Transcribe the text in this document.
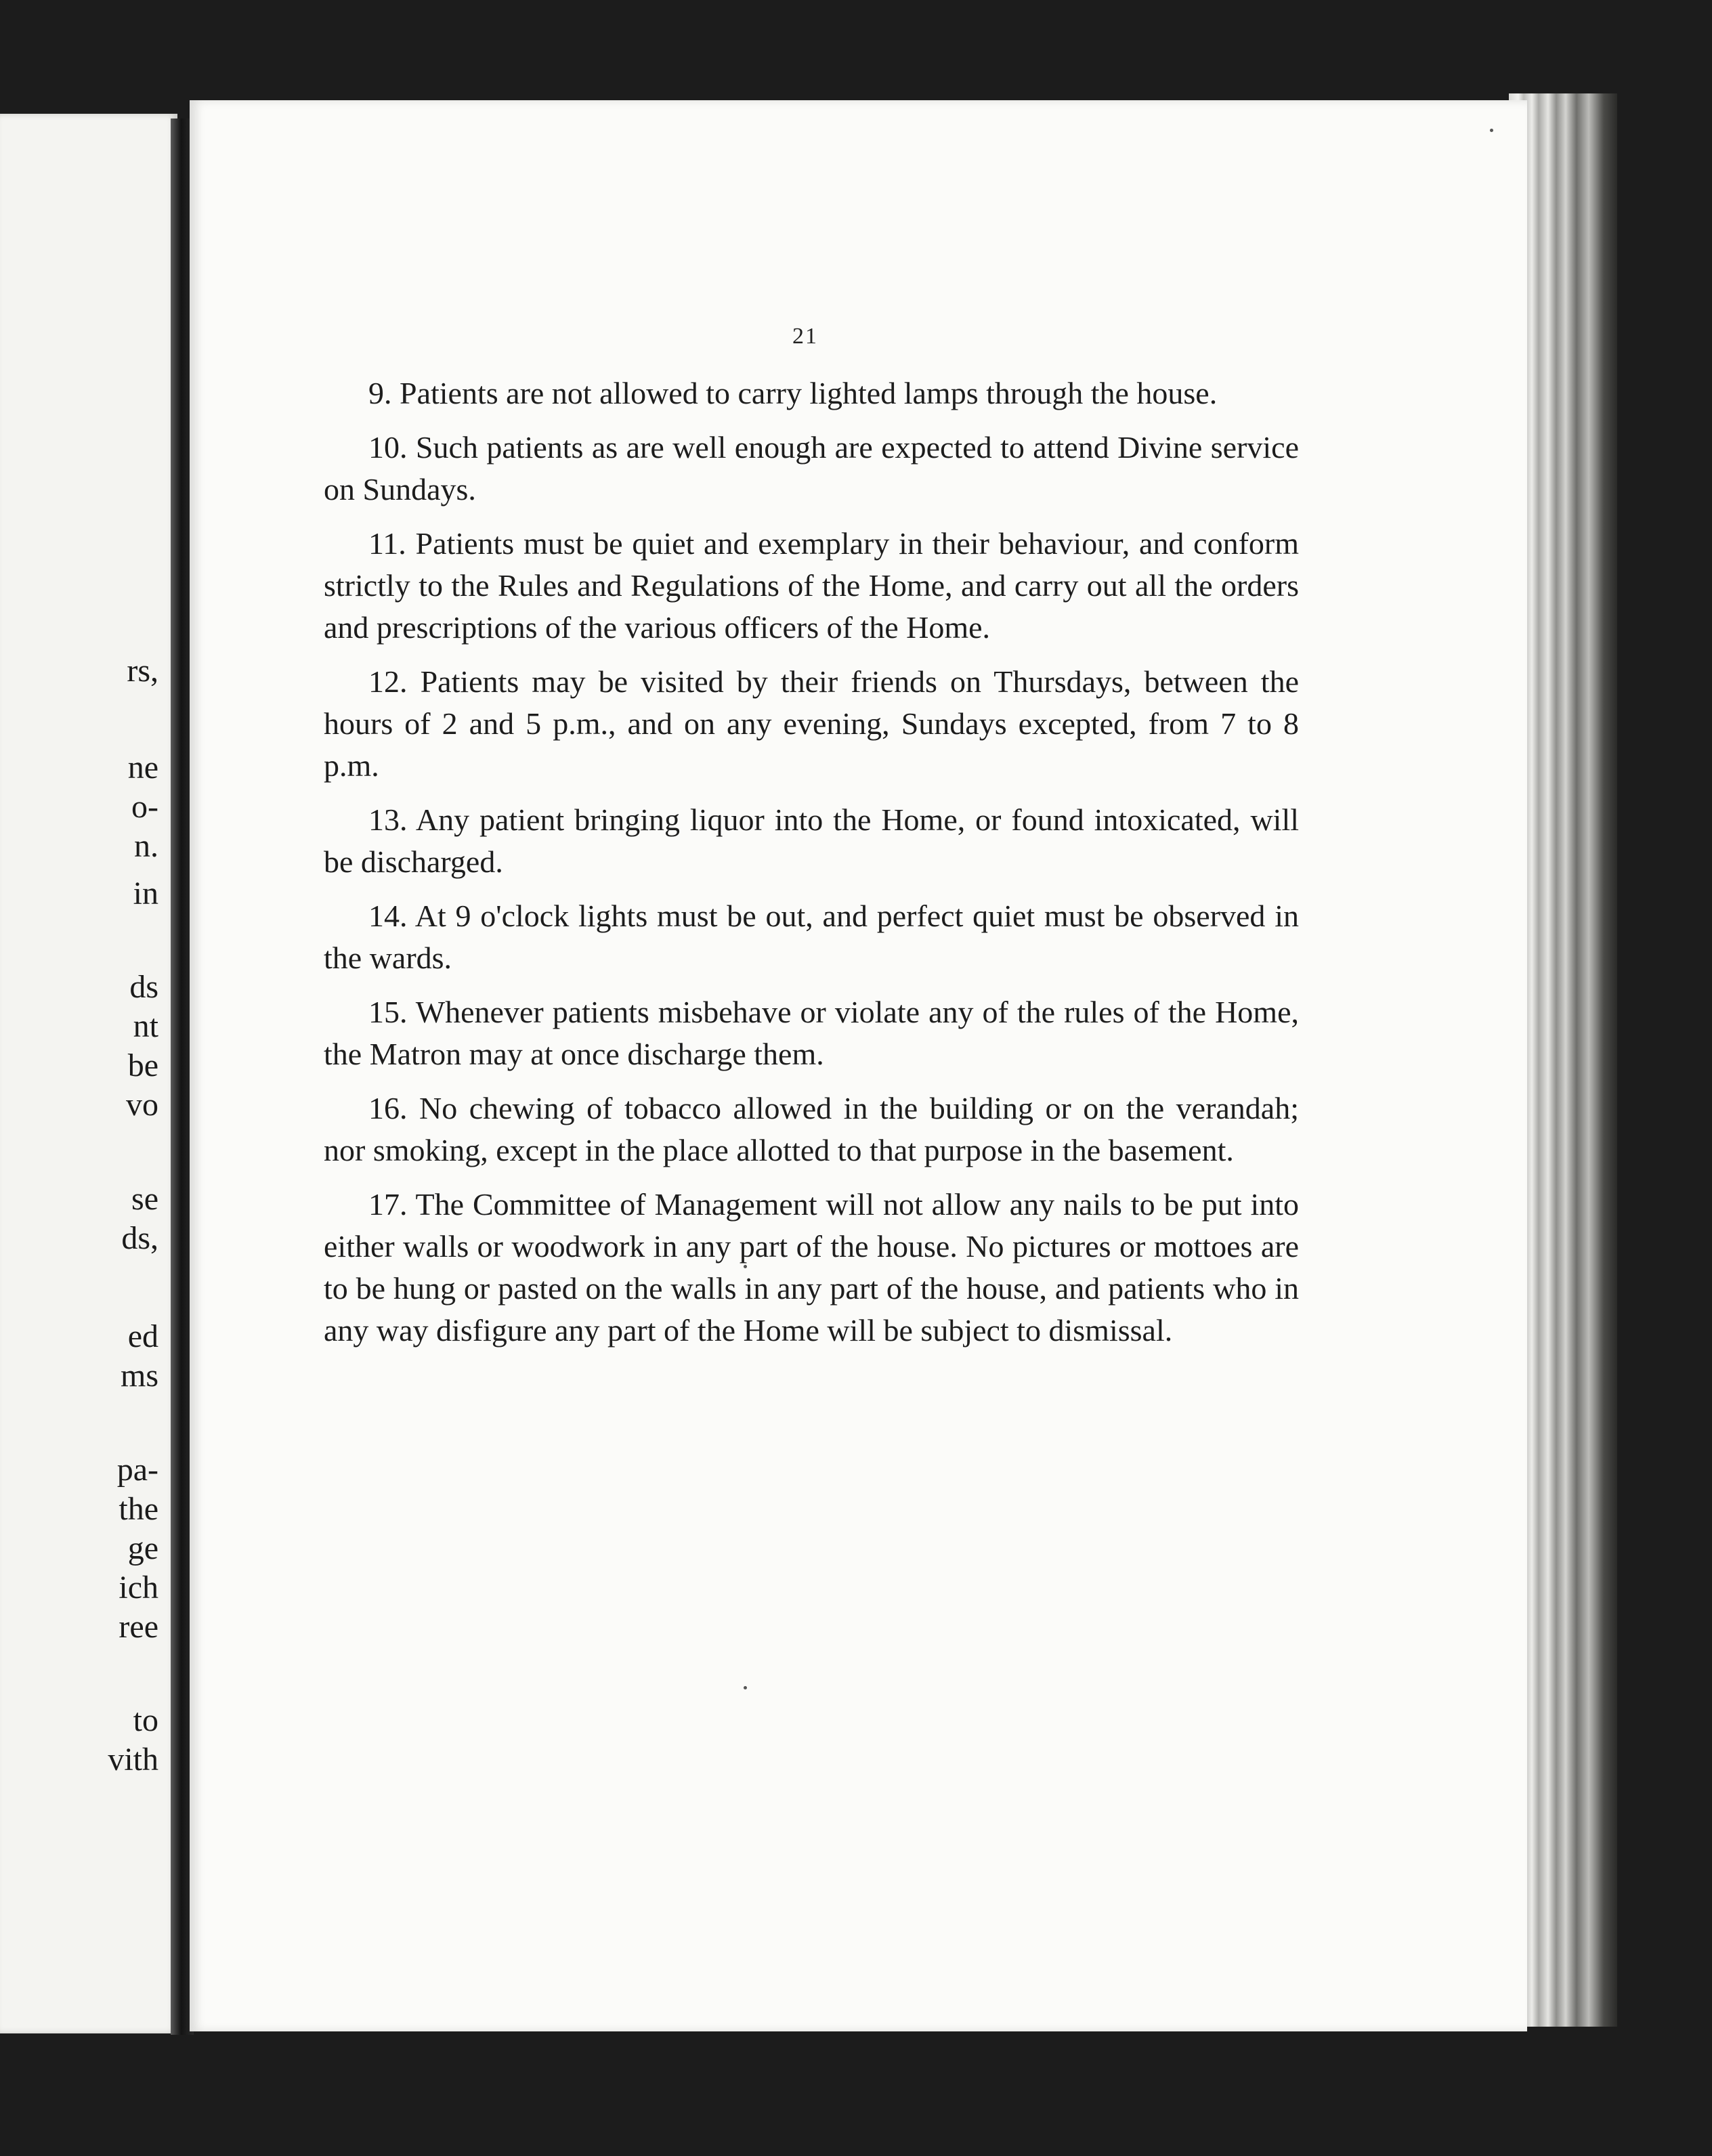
rs,
ne
o-
n.
in
ds
nt
be
vo
se
ds,
ed
ms
pa-
the
ge
ich
ree
to
vith
21

9. Patients are not allowed to carry lighted lamps through the house.

10. Such patients as are well enough are expected to attend Divine service on Sundays.

11. Patients must be quiet and exemplary in their behaviour, and conform strictly to the Rules and Regulations of the Home, and carry out all the orders and prescriptions of the various officers of the Home.

12. Patients may be visited by their friends on Thursdays, between the hours of 2 and 5 p.m., and on any evening, Sundays excepted, from 7 to 8 p.m.

13. Any patient bringing liquor into the Home, or found intoxicated, will be discharged.

14. At 9 o'clock lights must be out, and perfect quiet must be observed in the wards.

15. Whenever patients misbehave or violate any of the rules of the Home, the Matron may at once discharge them.

16. No chewing of tobacco allowed in the building or on the verandah; nor smoking, except in the place allotted to that purpose in the basement.

17. The Committee of Management will not allow any nails to be put into either walls or woodwork in any part of the house. No pictures or mottoes are to be hung or pasted on the walls in any part of the house, and patients who in any way disfigure any part of the Home will be subject to dismissal.
